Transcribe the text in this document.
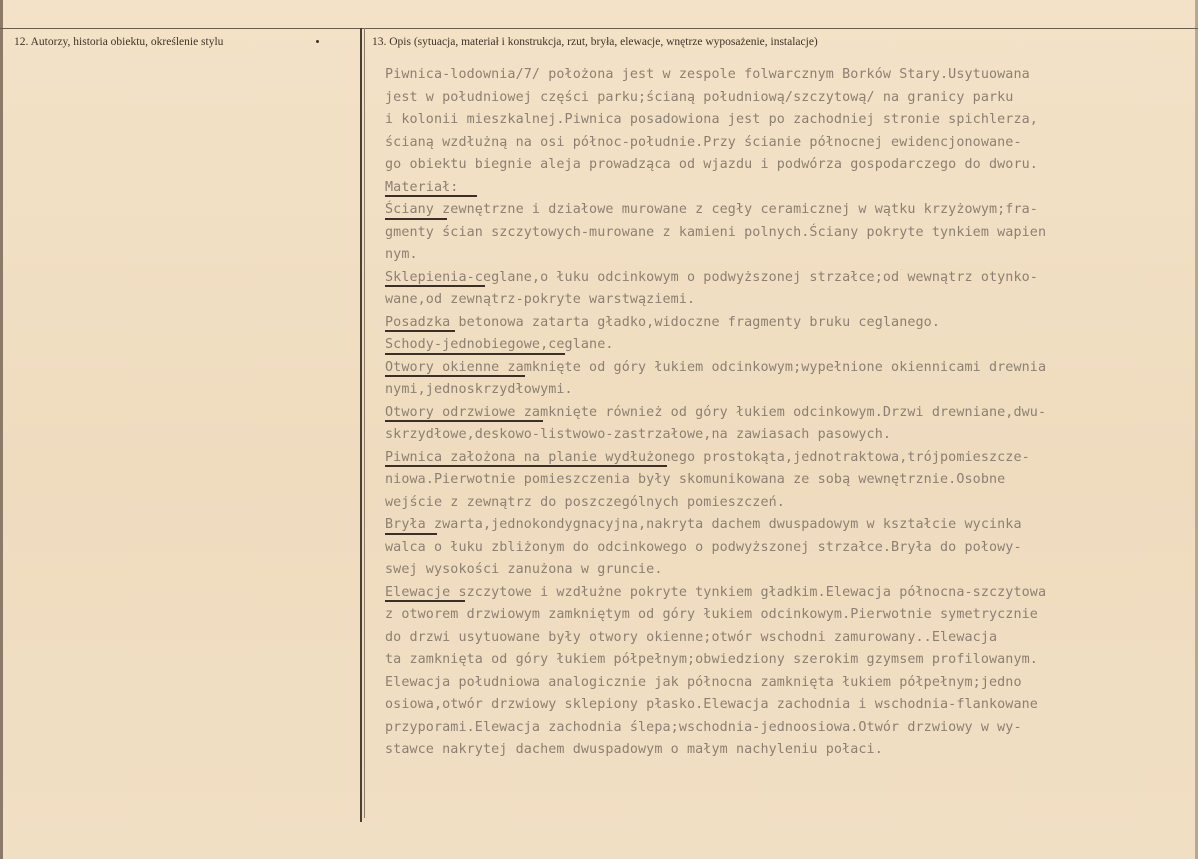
12. Autorzy, historia obiektu, określenie stylu	13. Opis (sytuacja, materiał i konstrukcja, rzut, bryła, elewacje, wnętrze wyposażenie, instalacje)
Piwnica-lodownia/7/ położona jest w zespole folwarcznym Borków Stary.Usytuowana
jest w południowej części parku;ścianą południową/szczytową/ na granicy parku
i kolonii mieszkalnej.Piwnica posadowiona jest po zachodniej stronie spichlerza,
ścianą wzdłużną na osi północ-południe.Przy ścianie północnej ewidencjonowane-
go obiektu biegnie aleja prowadząca od wjazdu i podwórza gospodarczego do dworu.
Materiał:
Ściany zewnętrzne i działowe murowane z cegły ceramicznej w wątku krzyżowym;fra-
gmenty ścian szczytowych-murowane z kamieni polnych.Ściany pokryte tynkiem wapien
nym.
Sklepienia-ceglane,o łuku odcinkowym o podwyższonej strzałce;od wewnątrz otynko-
wane,od zewnątrz-pokryte warstwąziemi.
Posadzka betonowa zatarta gładko,widoczne fragmenty bruku ceglanego.
Schody-jednobiegowe,ceglane.
Otwory okienne zamknięte od góry łukiem odcinkowym;wypełnione okiennicami drewnia
nymi,jednoskrzydłowymi.
Otwory odrzwiowe zamknięte również od góry łukiem odcinkowym.Drzwi drewniane,dwu-
skrzydłowe,deskowo-listwowo-zastrzałowe,na zawiasach pasowych.
Piwnica założona na planie wydłużonego prostokąta,jednotraktowa,trójpomieszcze-
niowa.Pierwotnie pomieszczenia były skomunikowana ze sobą wewnętrznie.Osobne
wejście z zewnątrz do poszczególnych pomieszczeń.
Bryła zwarta,jednokondygnacyjna,nakryta dachem dwuspadowym w kształcie wycinka
walca o łuku zbliżonym do odcinkowego o podwyższonej strzałce.Bryła do połowy-
swej wysokości zanużona w gruncie.
Elewacje szczytowe i wzdłużne pokryte tynkiem gładkim.Elewacja północna-szczytowa
z otworem drzwiowym zamkniętym od góry łukiem odcinkowym.Pierwotnie symetrycznie
do drzwi usytuowane były otwory okienne;otwór wschodni zamurowany..Elewacja
ta zamknięta od góry łukiem półpełnym;obwiedziony szerokim gzymsem profilowanym.
Elewacja południowa analogicznie jak północna zamknięta łukiem półpełnym;jedno
osiowa,otwór drzwiowy sklepiony płasko.Elewacja zachodnia i wschodnia-flankowane
przyporami.Elewacja zachodnia ślepa;wschodnia-jednoosiowa.Otwór drzwiowy w wy-
stawce nakrytej dachem dwuspadowym o małym nachyleniu połaci.
